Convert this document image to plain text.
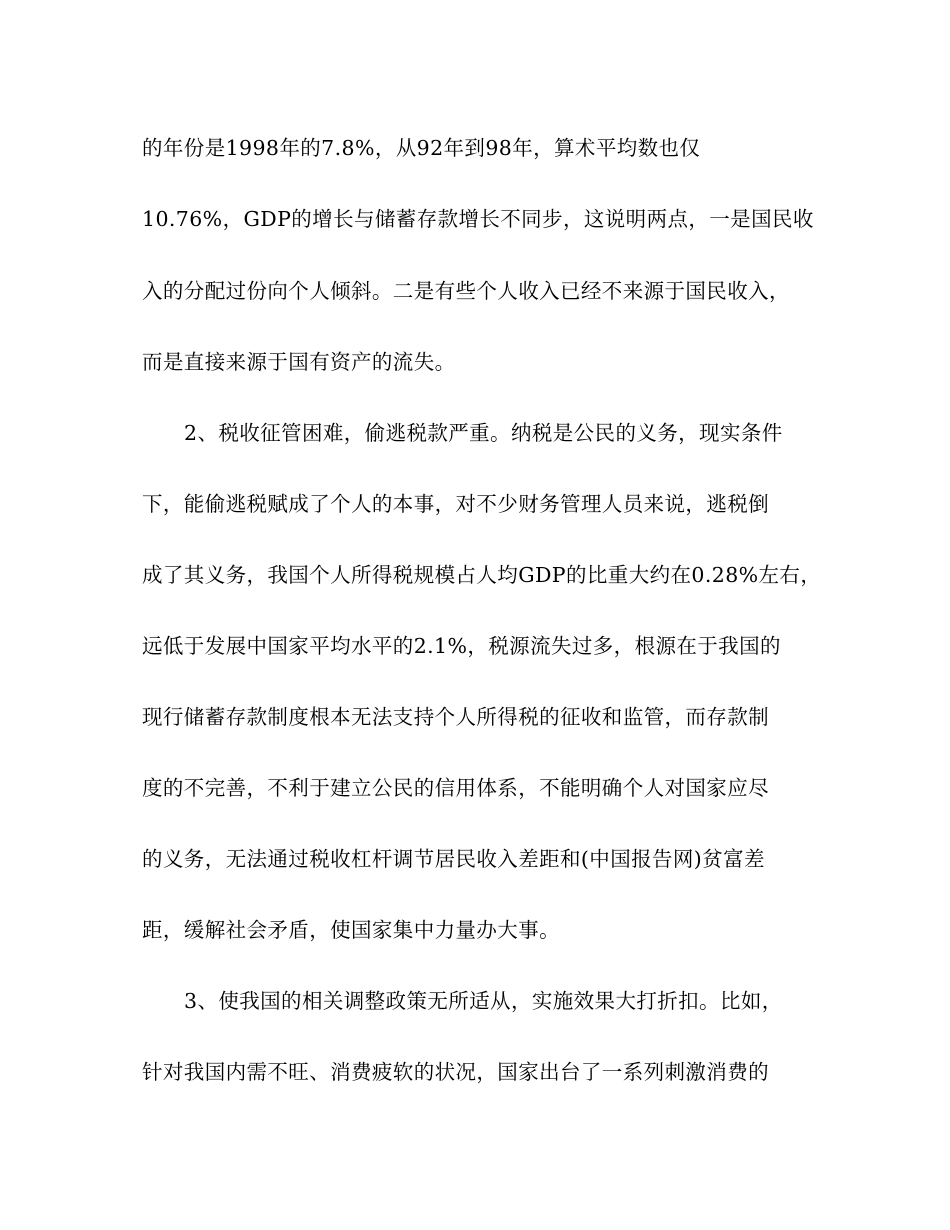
的年份是1998年的7.8%，从92年到98年，算术平均数也仅
10.76%，GDP的增长与储蓄存款增长不同步，这说明两点，一是国民收
入的分配过份向个人倾斜。二是有些个人收入已经不来源于国民收入，
而是直接来源于国有资产的流失。
2、税收征管困难，偷逃税款严重。纳税是公民的义务，现实条件
下，能偷逃税赋成了个人的本事，对不少财务管理人员来说，逃税倒
成了其义务，我国个人所得税规模占人均GDP的比重大约在0.28%左右，
远低于发展中国家平均水平的2.1%，税源流失过多，根源在于我国的
现行储蓄存款制度根本无法支持个人所得税的征收和监管，而存款制
度的不完善，不利于建立公民的信用体系，不能明确个人对国家应尽
的义务，无法通过税收杠杆调节居民收入差距和(中国报告网)贫富差
距，缓解社会矛盾，使国家集中力量办大事。
3、使我国的相关调整政策无所适从，实施效果大打折扣。比如，
针对我国内需不旺、消费疲软的状况，国家出台了一系列刺激消费的
